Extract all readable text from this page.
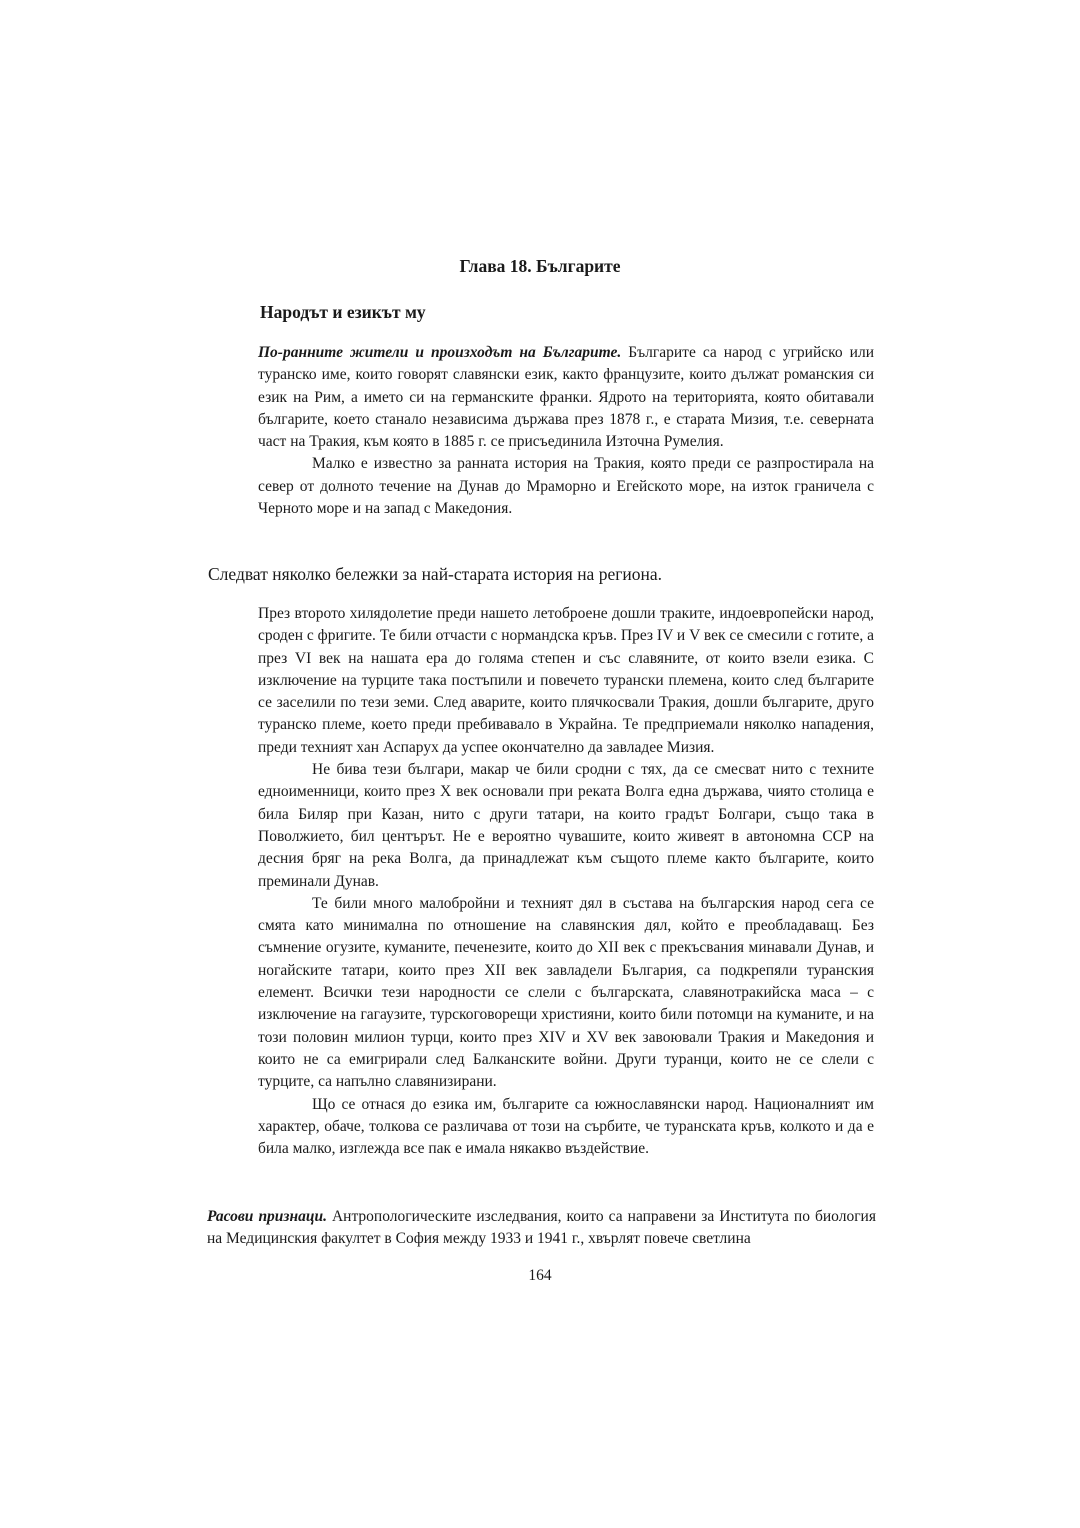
Глава 18. Българите
Народът и езикът му

По-ранните жители и произходът на Българите. Българите са народ с угрийско или туранско име, които говорят славянски език, както французите, които дължат романския си език на Рим, а името си на германските франки. Ядрото на територията, която обитавали българите, което станало независима държава през 1878 г., е старата Мизия, т.е. северната част на Тракия, към която в 1885 г. се присъединила Източна Румелия.

Малко е известно за ранната история на Тракия, която преди се разпростирала на север от долното течение на Дунав до Мраморно и Егейското море, на изток граничела с Черното море и на запад с Македония.

Следват няколко бележки за най-старата история на региона.

През второто хилядолетие преди нашето летоброене дошли траките, индоевропейски народ, сроден с фригите. Те били отчасти с нормандска кръв. През IV и V век се смесили с готите, а през VI век на нашата ера до голяма степен и със славяните, от които взели езика. С изключение на турците така постъпили и повечето турански племена, които след българите се заселили по тези земи. След аварите, които плячкосвали Тракия, дошли българите, друго туранско племе, което преди пребивавало в Украйна. Те предприемали няколко нападения, преди техният хан Аспарух да успее окончателно да завладее Мизия.

Не бива тези българи, макар че били сродни с тях, да се смесват нито с техните едноименници, които през X век основали при реката Волга една държава, чиято столица е била Биляр при Казан, нито с други татари, на които градът Болгари, също така в Поволжието, бил центърът. Не е вероятно чувашите, които живеят в автономна ССР на десния бряг на река Волга, да принадлежат към същото племе както българите, които преминали Дунав.

Те били много малобройни и техният дял в състава на българския народ сега се смята като минимална по отношение на славянския дял, който е преобладаващ. Без съмнение огузите, куманите, печенезите, които до XII век с прекъсвания минавали Дунав, и ногайските татари, които през XII век завладели България, са подкрепяли туранския елемент. Всички тези народности се слели с българската, славянотракийска маса – с изключение на гагаузите, турскоговорещи християни, които били потомци на куманите, и на този половин милион турци, които през XIV и XV век завоювали Тракия и Македония и които не са емигрирали след Балканските войни. Други туранци, които не се слели с турците, са напълно славянизирани.

Що се отнася до езика им, българите са южнославянски народ. Националният им характер, обаче, толкова се различава от този на сърбите, че туранската кръв, колкото и да е била малко, изглежда все пак е имала някакво въздействие.

Расови признаци. Антропологическите изследвания, които са направени за Института по биология на Медицинския факултет в София между 1933 и 1941 г., хвърлят повече светлина

164
